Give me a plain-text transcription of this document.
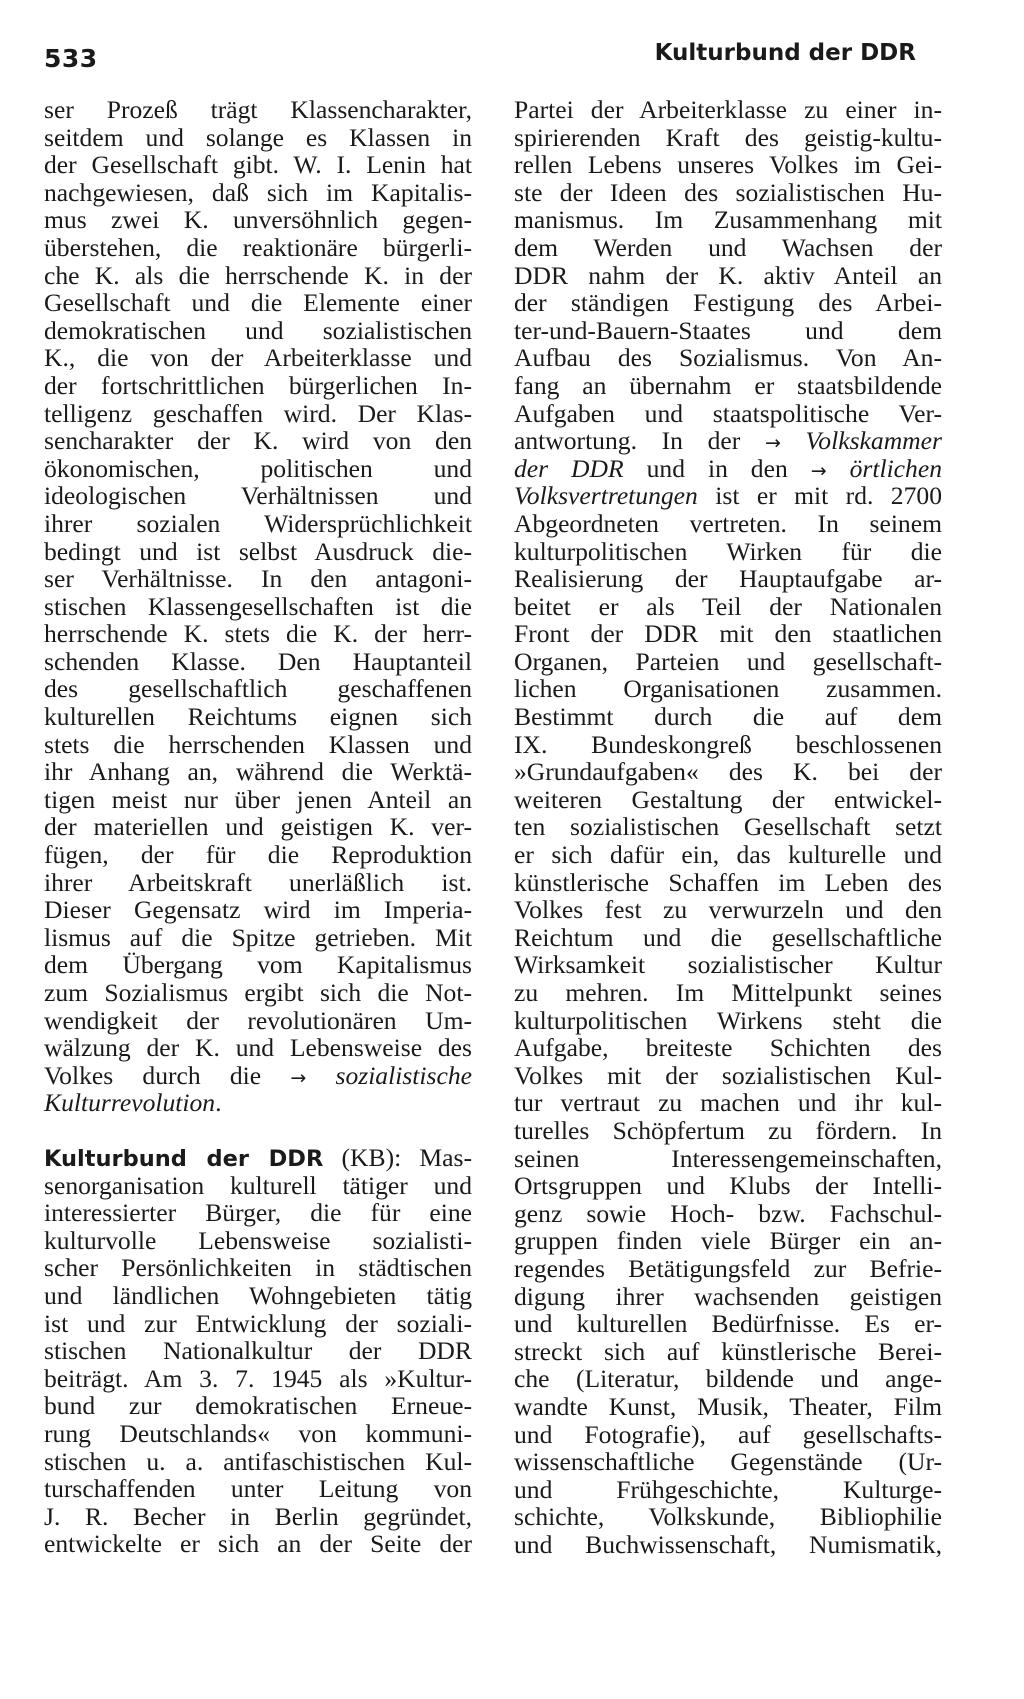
533	Kulturbund der DDR
ser Prozeß trägt Klassencharakter,
seitdem und solange es Klassen in
der Gesellschaft gibt. W. I. Lenin hat
nachgewiesen, daß sich im Kapitalis-
mus zwei K. unversöhnlich gegen-
überstehen, die reaktionäre bürgerli-
che K. als die herrschende K. in der
Gesellschaft und die Elemente einer
demokratischen und sozialistischen
K., die von der Arbeiterklasse und
der fortschrittlichen bürgerlichen In-
telligenz geschaffen wird. Der Klas-
sencharakter der K. wird von den
ökonomischen, politischen und
ideologischen Verhältnissen und
ihrer sozialen Widersprüchlichkeit
bedingt und ist selbst Ausdruck die-
ser Verhältnisse. In den antagoni-
stischen Klassengesellschaften ist die
herrschende K. stets die K. der herr-
schenden Klasse. Den Hauptanteil
des gesellschaftlich geschaffenen
kulturellen Reichtums eignen sich
stets die herrschenden Klassen und
ihr Anhang an, während die Werktä-
tigen meist nur über jenen Anteil an
der materiellen und geistigen K. ver-
fügen, der für die Reproduktion
ihrer Arbeitskraft unerläßlich ist.
Dieser Gegensatz wird im Imperia-
lismus auf die Spitze getrieben. Mit
dem Übergang vom Kapitalismus
zum Sozialismus ergibt sich die Not-
wendigkeit der revolutionären Um-
wälzung der K. und Lebensweise des
Volkes durch die → sozialistische
Kulturrevolution.
Kulturbund der DDR (KB): Mas-
senorganisation kulturell tätiger und
interessierter Bürger, die für eine
kulturvolle Lebensweise sozialisti-
scher Persönlichkeiten in städtischen
und ländlichen Wohngebieten tätig
ist und zur Entwicklung der soziali-
stischen Nationalkultur der DDR
beiträgt. Am 3. 7. 1945 als »Kultur-
bund zur demokratischen Erneue-
rung Deutschlands« von kommuni-
stischen u. a. antifaschistischen Kul-
turschaffenden unter Leitung von
J. R. Becher in Berlin gegründet,
entwickelte er sich an der Seite der
Partei der Arbeiterklasse zu einer in-
spirierenden Kraft des geistig-kultu-
rellen Lebens unseres Volkes im Gei-
ste der Ideen des sozialistischen Hu-
manismus. Im Zusammenhang mit
dem Werden und Wachsen der
DDR nahm der K. aktiv Anteil an
der ständigen Festigung des Arbei-
ter-und-Bauern-Staates und dem
Aufbau des Sozialismus. Von An-
fang an übernahm er staatsbildende
Aufgaben und staatspolitische Ver-
antwortung. In der → Volkskammer
der DDR und in den → örtlichen
Volksvertretungen ist er mit rd. 2700
Abgeordneten vertreten. In seinem
kulturpolitischen Wirken für die
Realisierung der Hauptaufgabe ar-
beitet er als Teil der Nationalen
Front der DDR mit den staatlichen
Organen, Parteien und gesellschaft-
lichen Organisationen zusammen.
Bestimmt durch die auf dem
IX. Bundeskongreß beschlossenen
»Grundaufgaben« des K. bei der
weiteren Gestaltung der entwickel-
ten sozialistischen Gesellschaft setzt
er sich dafür ein, das kulturelle und
künstlerische Schaffen im Leben des
Volkes fest zu verwurzeln und den
Reichtum und die gesellschaftliche
Wirksamkeit sozialistischer Kultur
zu mehren. Im Mittelpunkt seines
kulturpolitischen Wirkens steht die
Aufgabe, breiteste Schichten des
Volkes mit der sozialistischen Kul-
tur vertraut zu machen und ihr kul-
turelles Schöpfertum zu fördern. In
seinen Interessengemeinschaften,
Ortsgruppen und Klubs der Intelli-
genz sowie Hoch- bzw. Fachschul-
gruppen finden viele Bürger ein an-
regendes Betätigungsfeld zur Befrie-
digung ihrer wachsenden geistigen
und kulturellen Bedürfnisse. Es er-
streckt sich auf künstlerische Berei-
che (Literatur, bildende und ange-
wandte Kunst, Musik, Theater, Film
und Fotografie), auf gesellschafts-
wissenschaftliche Gegenstände (Ur-
und Frühgeschichte, Kulturge-
schichte, Volkskunde, Bibliophilie
und Buchwissenschaft, Numismatik,
